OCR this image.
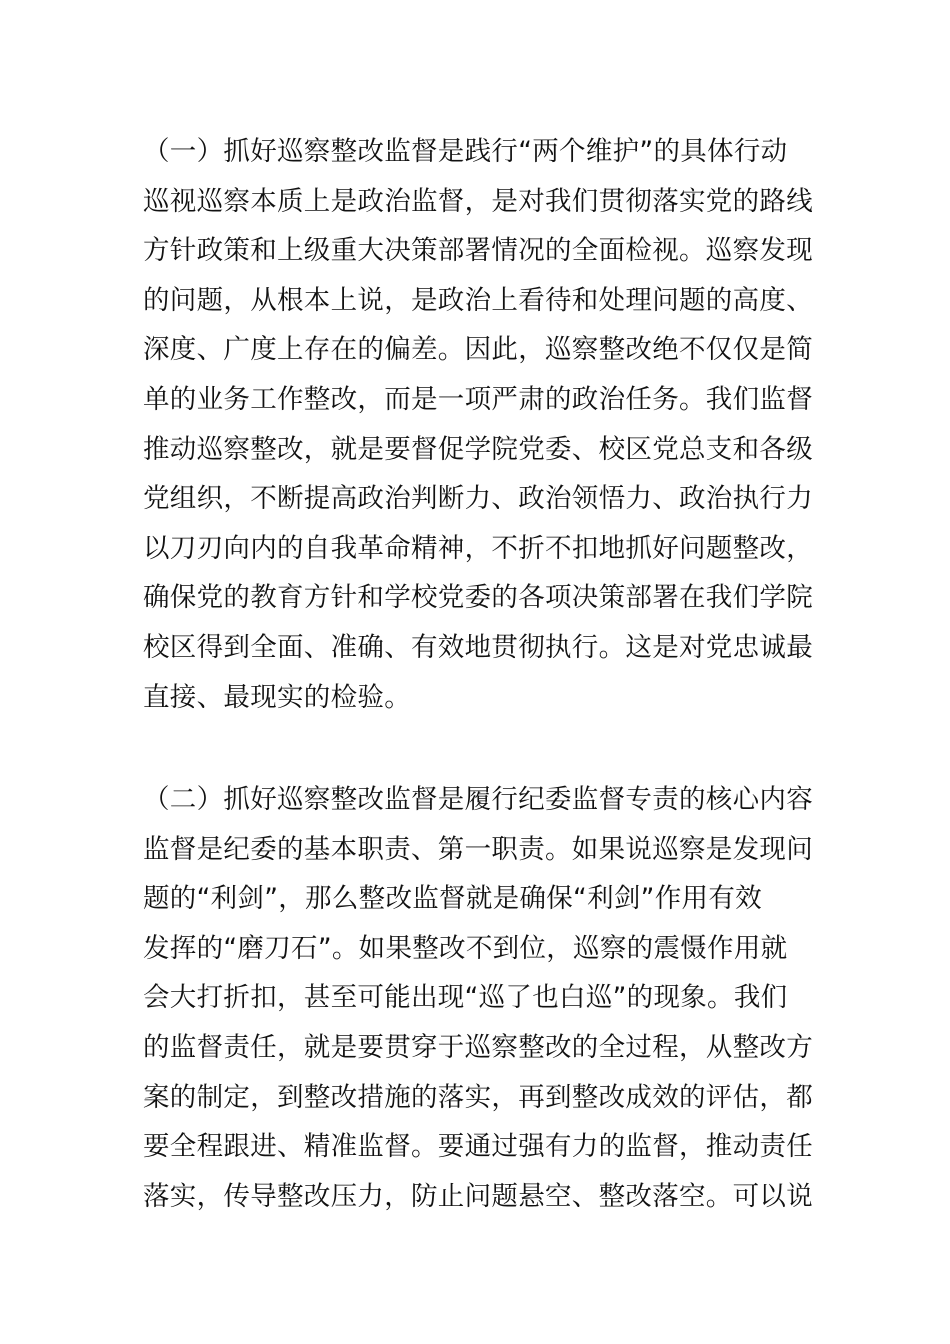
（一）抓好巡察整改监督是践行“两个维护”的具体行动
巡视巡察本质上是政治监督，是对我们贯彻落实党的路线
方针政策和上级重大决策部署情况的全面检视。巡察发现
的问题，从根本上说，是政治上看待和处理问题的高度、
深度、广度上存在的偏差。因此，巡察整改绝不仅仅是简
单的业务工作整改，而是一项严肃的政治任务。我们监督
推动巡察整改，就是要督促学院党委、校区党总支和各级
党组织，不断提高政治判断力、政治领悟力、政治执行力
以刀刃向内的自我革命精神，不折不扣地抓好问题整改，
确保党的教育方针和学校党委的各项决策部署在我们学院
校区得到全面、准确、有效地贯彻执行。这是对党忠诚最
直接、最现实的检验。
（二）抓好巡察整改监督是履行纪委监督专责的核心内容
监督是纪委的基本职责、第一职责。如果说巡察是发现问
题的“利剑”，那么整改监督就是确保“利剑”作用有效
发挥的“磨刀石”。如果整改不到位，巡察的震慑作用就
会大打折扣，甚至可能出现“巡了也白巡”的现象。我们
的监督责任，就是要贯穿于巡察整改的全过程，从整改方
案的制定，到整改措施的落实，再到整改成效的评估，都
要全程跟进、精准监督。要通过强有力的监督，推动责任
落实，传导整改压力，防止问题悬空、整改落空。可以说
